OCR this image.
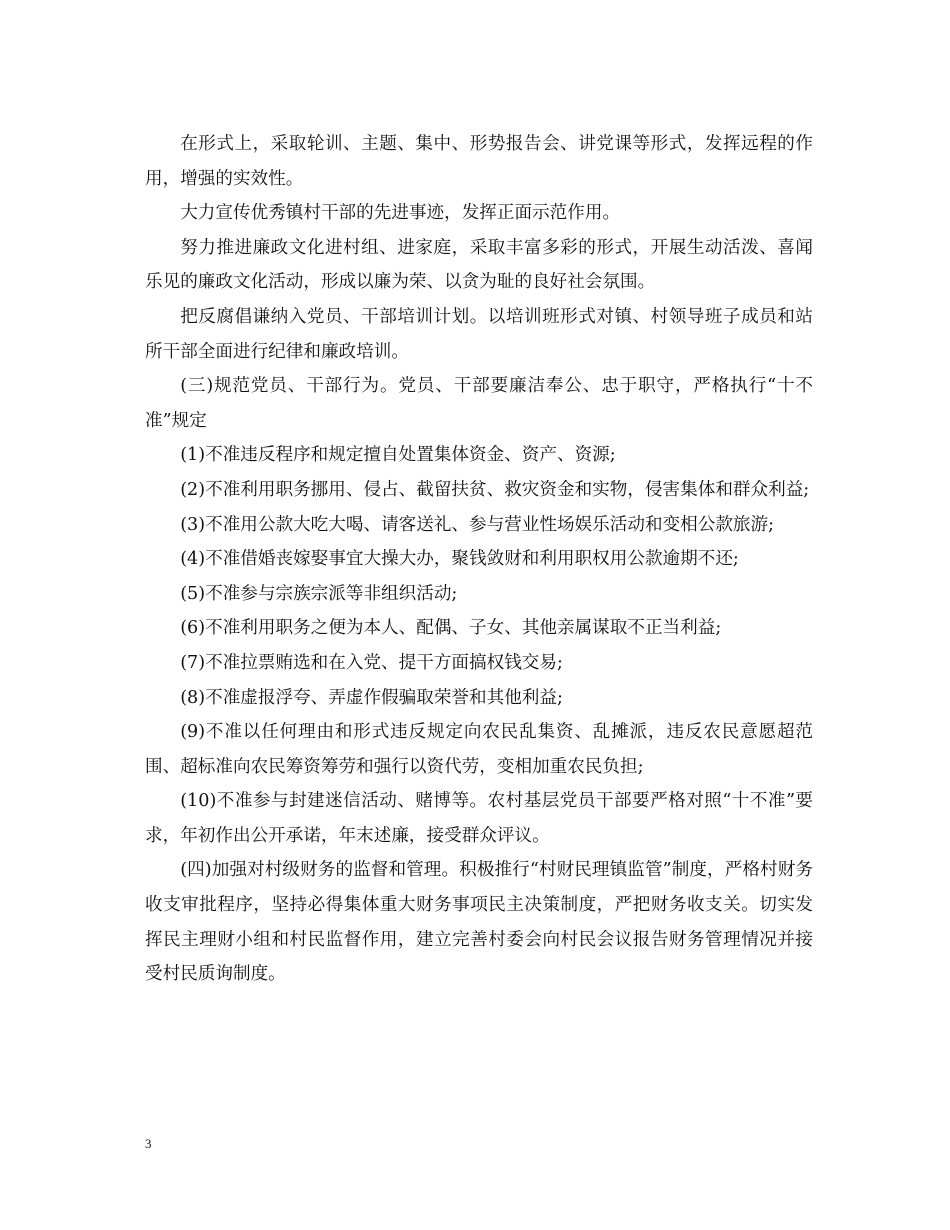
在形式上，采取轮训、主题、集中、形势报告会、讲党课等形式，发挥远程的作用，增强的实效性。

大力宣传优秀镇村干部的先进事迹，发挥正面示范作用。

努力推进廉政文化进村组、进家庭，采取丰富多彩的形式，开展生动活泼、喜闻乐见的廉政文化活动，形成以廉为荣、以贪为耻的良好社会氛围。

把反腐倡谦纳入党员、干部培训计划。以培训班形式对镇、村领导班子成员和站所干部全面进行纪律和廉政培训。

(三)规范党员、干部行为。党员、干部要廉洁奉公、忠于职守，严格执行“十不准”规定

(1)不准违反程序和规定擅自处置集体资金、资产、资源;

(2)不准利用职务挪用、侵占、截留扶贫、救灾资金和实物，侵害集体和群众利益;

(3)不准用公款大吃大喝、请客送礼、参与营业性场娱乐活动和变相公款旅游;

(4)不准借婚丧嫁娶事宜大操大办，聚钱敛财和利用职权用公款逾期不还;

(5)不准参与宗族宗派等非组织活动;

(6)不准利用职务之便为本人、配偶、子女、其他亲属谋取不正当利益;

(7)不准拉票贿选和在入党、提干方面搞权钱交易;

(8)不准虚报浮夸、弄虚作假骗取荣誉和其他利益;

(9)不准以任何理由和形式违反规定向农民乱集资、乱摊派，违反农民意愿超范围、超标准向农民筹资筹劳和强行以资代劳，变相加重农民负担;

(10)不准参与封建迷信活动、赌博等。农村基层党员干部要严格对照“十不准”要求，年初作出公开承诺，年末述廉，接受群众评议。

(四)加强对村级财务的监督和管理。积极推行“村财民理镇监管”制度，严格村财务收支审批程序，坚持必得集体重大财务事项民主决策制度，严把财务收支关。切实发挥民主理财小组和村民监督作用，建立完善村委会向村民会议报告财务管理情况并接受村民质询制度。

3
